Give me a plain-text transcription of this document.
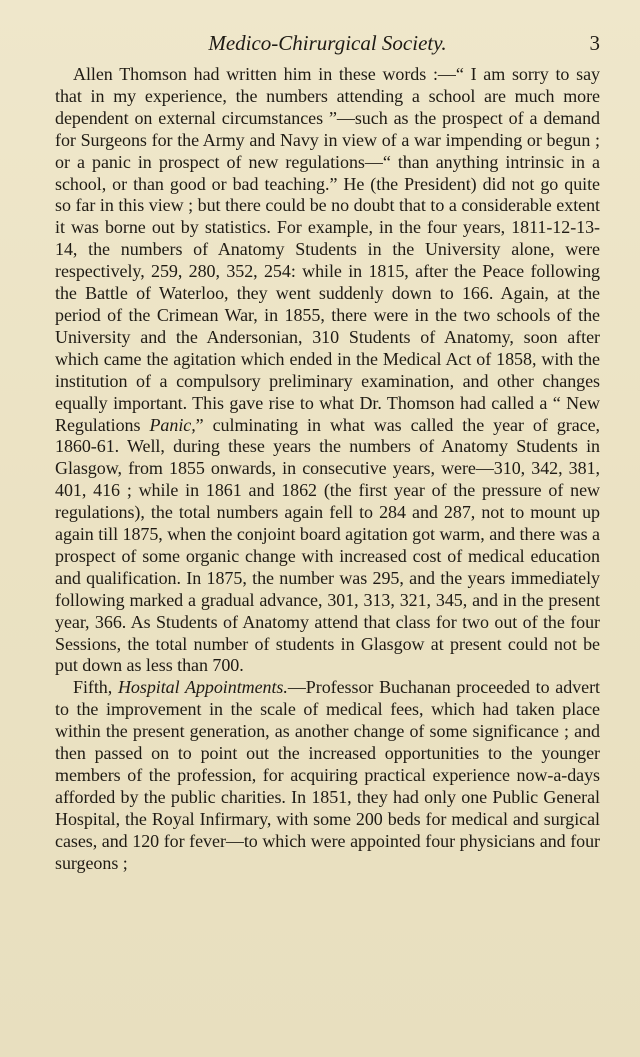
Medico-Chirurgical Society.	3

Allen Thomson had written him in these words :—“ I am sorry to say that in my experience, the numbers attending a school are much more dependent on external circumstances ”—such as the prospect of a demand for Surgeons for the Army and Navy in view of a war impending or begun ; or a panic in prospect of new regulations—“ than anything intrinsic in a school, or than good or bad teaching.” He (the President) did not go quite so far in this view ; but there could be no doubt that to a considerable extent it was borne out by statistics. For example, in the four years, 1811-12-13-14, the numbers of Anatomy Students in the University alone, were respectively, 259, 280, 352, 254: while in 1815, after the Peace following the Battle of Waterloo, they went suddenly down to 166. Again, at the period of the Crimean War, in 1855, there were in the two schools of the University and the Andersonian, 310 Students of Anatomy, soon after which came the agitation which ended in the Medical Act of 1858, with the institution of a compulsory preliminary examination, and other changes equally important. This gave rise to what Dr. Thomson had called a “ New Regulations Panic,” culminating in what was called the year of grace, 1860-61. Well, during these years the numbers of Anatomy Students in Glasgow, from 1855 onwards, in consecutive years, were—310, 342, 381, 401, 416 ; while in 1861 and 1862 (the first year of the pressure of new regulations), the total numbers again fell to 284 and 287, not to mount up again till 1875, when the conjoint board agitation got warm, and there was a prospect of some organic change with increased cost of medical education and qualification. In 1875, the number was 295, and the years immediately following marked a gradual advance, 301, 313, 321, 345, and in the present year, 366. As Students of Anatomy attend that class for two out of the four Sessions, the total number of students in Glasgow at present could not be put down as less than 700.

Fifth, Hospital Appointments.—Professor Buchanan proceeded to advert to the improvement in the scale of medical fees, which had taken place within the present generation, as another change of some significance ; and then passed on to point out the increased opportunities to the younger members of the profession, for acquiring practical experience now-a-days afforded by the public charities. In 1851, they had only one Public General Hospital, the Royal Infirmary, with some 200 beds for medical and surgical cases, and 120 for fever—to which were appointed four physicians and four surgeons ;
